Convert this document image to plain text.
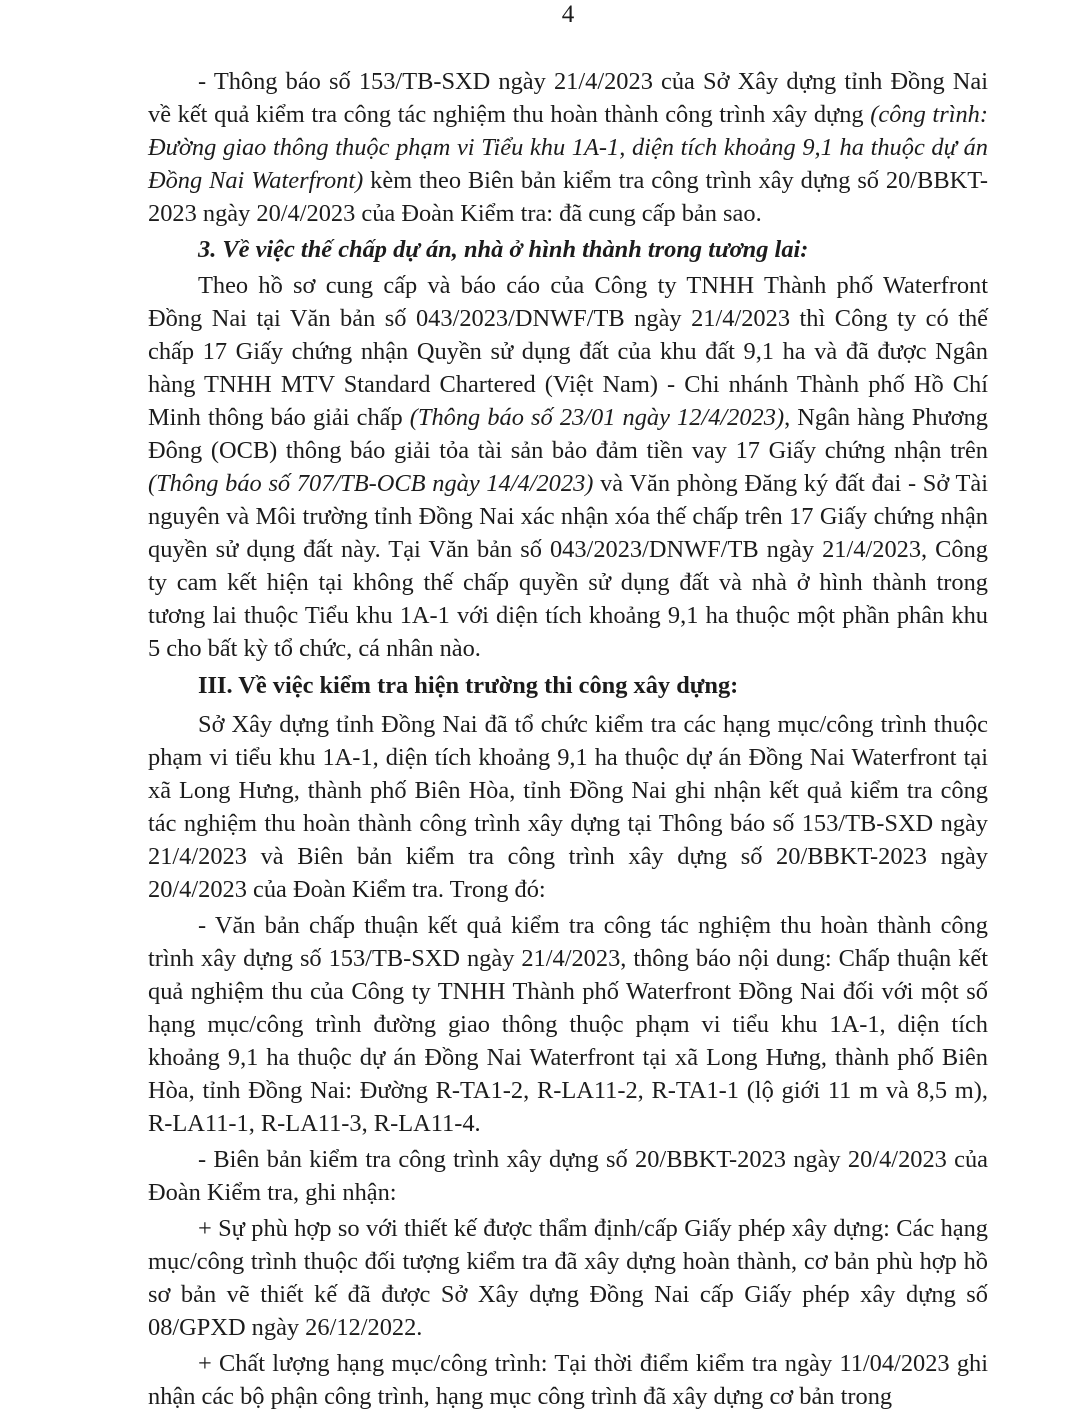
4

- Thông báo số 153/TB-SXD ngày 21/4/2023 của Sở Xây dựng tỉnh Đồng Nai về kết quả kiểm tra công tác nghiệm thu hoàn thành công trình xây dựng (công trình: Đường giao thông thuộc phạm vi Tiểu khu 1A-1, diện tích khoảng 9,1 ha thuộc dự án Đồng Nai Waterfront) kèm theo Biên bản kiểm tra công trình xây dựng số 20/BBKT-2023 ngày 20/4/2023 của Đoàn Kiểm tra: đã cung cấp bản sao.

3. Về việc thế chấp dự án, nhà ở hình thành trong tương lai:

Theo hồ sơ cung cấp và báo cáo của Công ty TNHH Thành phố Waterfront Đồng Nai tại Văn bản số 043/2023/DNWF/TB ngày 21/4/2023 thì Công ty có thế chấp 17 Giấy chứng nhận Quyền sử dụng đất của khu đất 9,1 ha và đã được Ngân hàng TNHH MTV Standard Chartered (Việt Nam) - Chi nhánh Thành phố Hồ Chí Minh thông báo giải chấp (Thông báo số 23/01 ngày 12/4/2023), Ngân hàng Phương Đông (OCB) thông báo giải tỏa tài sản bảo đảm tiền vay 17 Giấy chứng nhận trên (Thông báo số 707/TB-OCB ngày 14/4/2023) và Văn phòng Đăng ký đất đai - Sở Tài nguyên và Môi trường tỉnh Đồng Nai xác nhận xóa thế chấp trên 17 Giấy chứng nhận quyền sử dụng đất này. Tại Văn bản số 043/2023/DNWF/TB ngày 21/4/2023, Công ty cam kết hiện tại không thế chấp quyền sử dụng đất và nhà ở hình thành trong tương lai thuộc Tiểu khu 1A-1 với diện tích khoảng 9,1 ha thuộc một phần phân khu 5 cho bất kỳ tổ chức, cá nhân nào.

III. Về việc kiểm tra hiện trường thi công xây dựng:

Sở Xây dựng tỉnh Đồng Nai đã tổ chức kiểm tra các hạng mục/công trình thuộc phạm vi tiểu khu 1A-1, diện tích khoảng 9,1 ha thuộc dự án Đồng Nai Waterfront tại xã Long Hưng, thành phố Biên Hòa, tỉnh Đồng Nai ghi nhận kết quả kiểm tra công tác nghiệm thu hoàn thành công trình xây dựng tại Thông báo số 153/TB-SXD ngày 21/4/2023 và Biên bản kiểm tra công trình xây dựng số 20/BBKT-2023 ngày 20/4/2023 của Đoàn Kiểm tra. Trong đó:

- Văn bản chấp thuận kết quả kiểm tra công tác nghiệm thu hoàn thành công trình xây dựng số 153/TB-SXD ngày 21/4/2023, thông báo nội dung: Chấp thuận kết quả nghiệm thu của Công ty TNHH Thành phố Waterfront Đồng Nai đối với một số hạng mục/công trình đường giao thông thuộc phạm vi tiểu khu 1A-1, diện tích khoảng 9,1 ha thuộc dự án Đồng Nai Waterfront tại xã Long Hưng, thành phố Biên Hòa, tỉnh Đồng Nai: Đường R-TA1-2, R-LA11-2, R-TA1-1 (lộ giới 11 m và 8,5 m), R-LA11-1, R-LA11-3, R-LA11-4.

- Biên bản kiểm tra công trình xây dựng số 20/BBKT-2023 ngày 20/4/2023 của Đoàn Kiểm tra, ghi nhận:

+ Sự phù hợp so với thiết kế được thẩm định/cấp Giấy phép xây dựng: Các hạng mục/công trình thuộc đối tượng kiểm tra đã xây dựng hoàn thành, cơ bản phù hợp hồ sơ bản vẽ thiết kế đã được Sở Xây dựng Đồng Nai cấp Giấy phép xây dựng số 08/GPXD ngày 26/12/2022.

+ Chất lượng hạng mục/công trình: Tại thời điểm kiểm tra ngày 11/04/2023 ghi nhận các bộ phận công trình, hạng mục công trình đã xây dựng cơ bản trong
